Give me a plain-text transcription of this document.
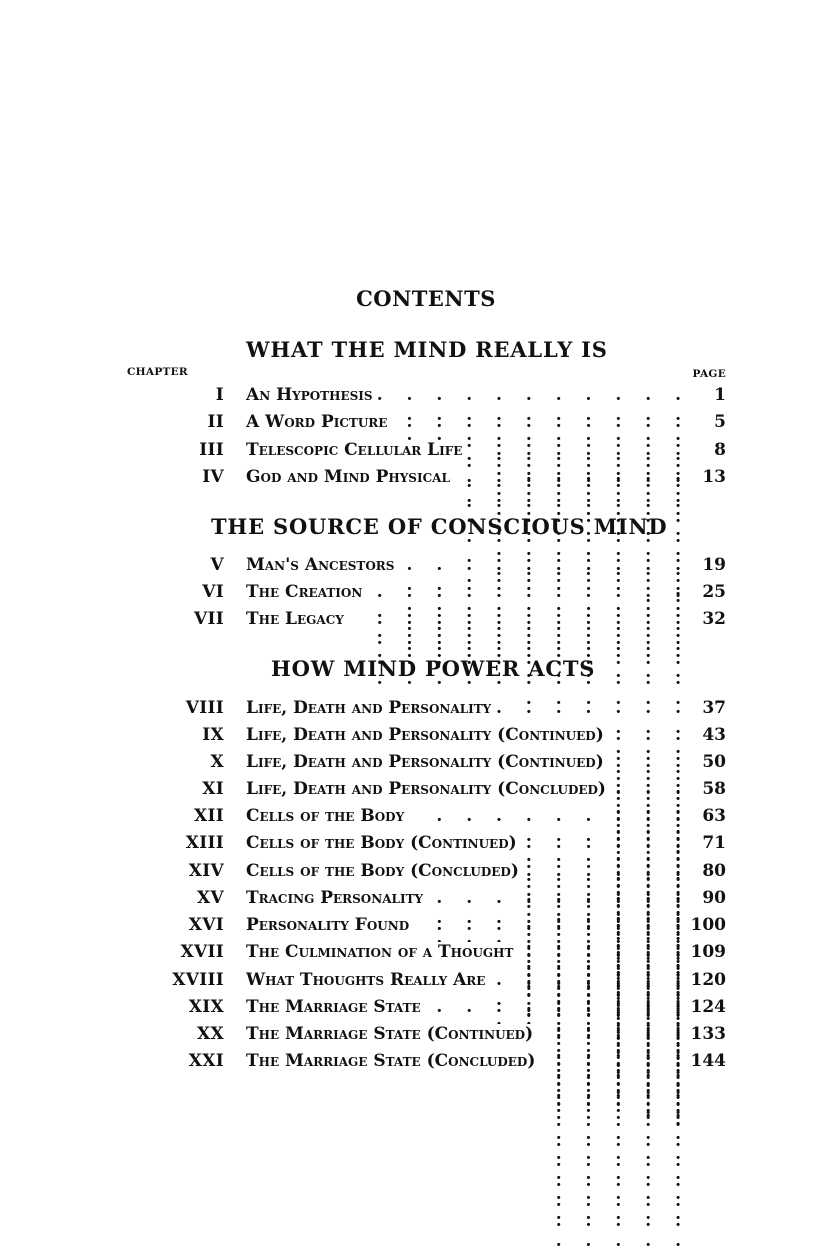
CONTENTS
WHAT THE MIND REALLY IS
CHAPTER	PAGE
I An Hypothesis . . .	1
II A Word Picture . . .	5
III Telescopic Cellular Life . . .	8
IV God and Mind Physical . . .	13
THE SOURCE OF CONSCIOUS MIND
V Man's Ancestors . . .	19
VI The Creation . . .	25
VII The Legacy . . .	32
HOW MIND POWER ACTS
VIII Life, Death and Personality . . .	37
IX Life, Death and Personality (Continued) . . .	43
X Life, Death and Personality (Continued) . . .	50
XI Life, Death and Personality (Concluded) . . .	58
XII Cells of the Body . . .	63
XIII Cells of the Body (Continued) . . .	71
XIV Cells of the Body (Concluded) . . .	80
XV Tracing Personality . . .	90
XVI Personality Found . . .	100
XVII The Culmination of a Thought . . .	109
XVIII What Thoughts Really Are . . .	120
XIX The Marriage State . . .	124
XX The Marriage State (Continued) . . .	133
XXI The Marriage State (Concluded) . . .	144
